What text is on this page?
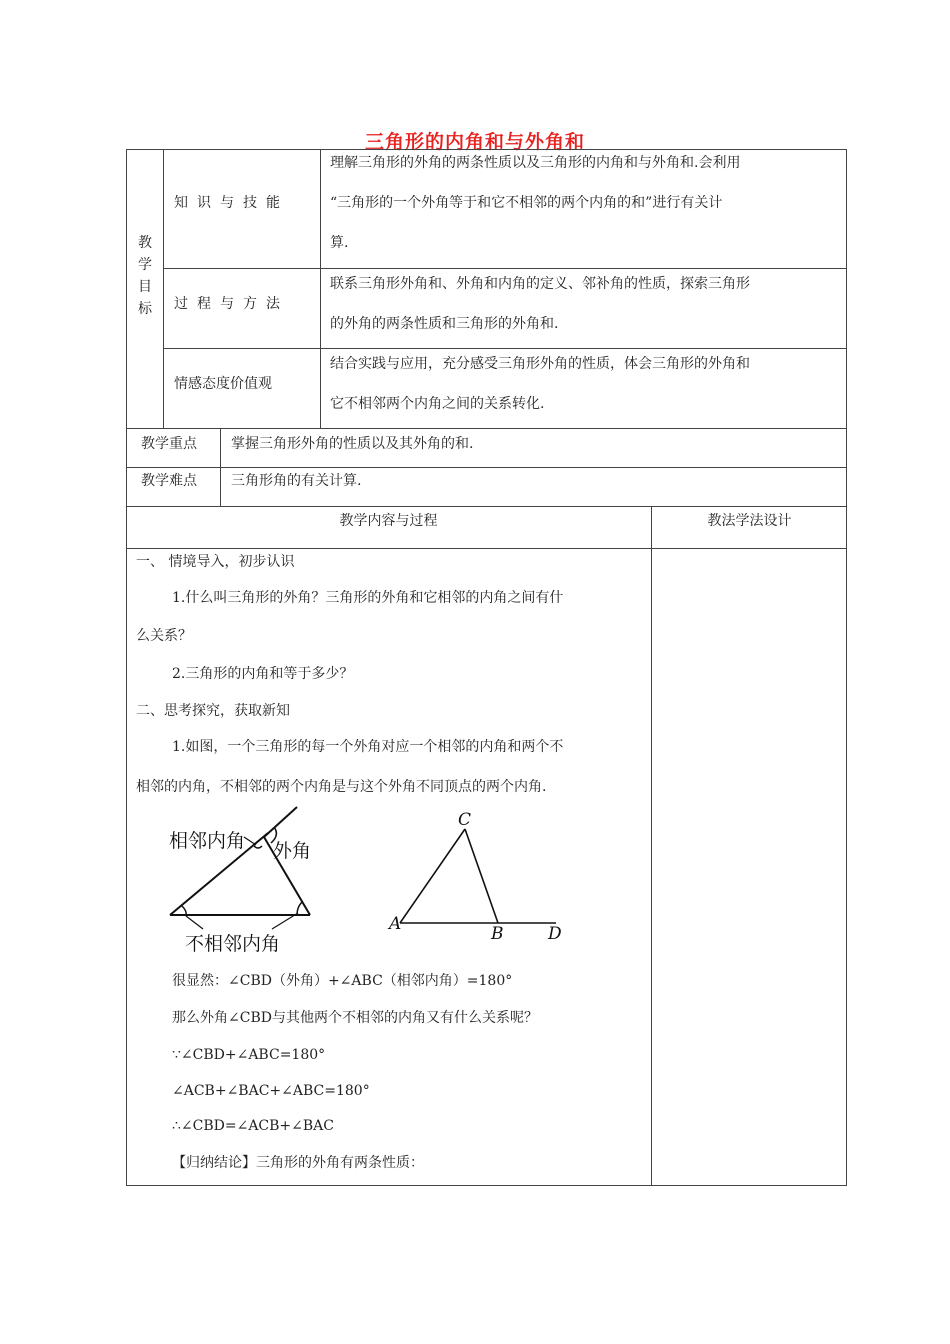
三角形的内角和与外角和
教
学
目
标
知识与技能
理解三角形的外角的两条性质以及三角形的内角和与外角和.会利用
“三角形的一个外角等于和它不相邻的两个内角的和”进行有关计
算.
过程与方法
联系三角形外角和、外角和内角的定义、邻补角的性质，探索三角形
的外角的两条性质和三角形的外角和.
情感态度价值观
结合实践与应用，充分感受三角形外角的性质，体会三角形的外角和
它不相邻两个内角之间的关系转化.
教学重点 掌握三角形外角的性质以及其外角的和.
教学难点 三角形角的有关计算.
教学内容与过程	教法学法设计
一、 情境导入，初步认识
1.什么叫三角形的外角？三角形的外角和它相邻的内角之间有什
么关系？
2.三角形的内角和等于多少？
二、思考探究，获取新知
1.如图，一个三角形的每一个外角对应一个相邻的内角和两个不
相邻的内角，不相邻的两个内角是与这个外角不同顶点的两个内角.
相邻内角 外角
不相邻内角
A	B
C
D
很显然：∠CBD（外角）+∠ABC（相邻内角）=180°
那么外角∠CBD与其他两个不相邻的内角又有什么关系呢？
∵∠CBD+∠ABC=180°
∠ACB+∠BAC+∠ABC=180°
∴∠CBD=∠ACB+∠BAC
【归纳结论】三角形的外角有两条性质：
